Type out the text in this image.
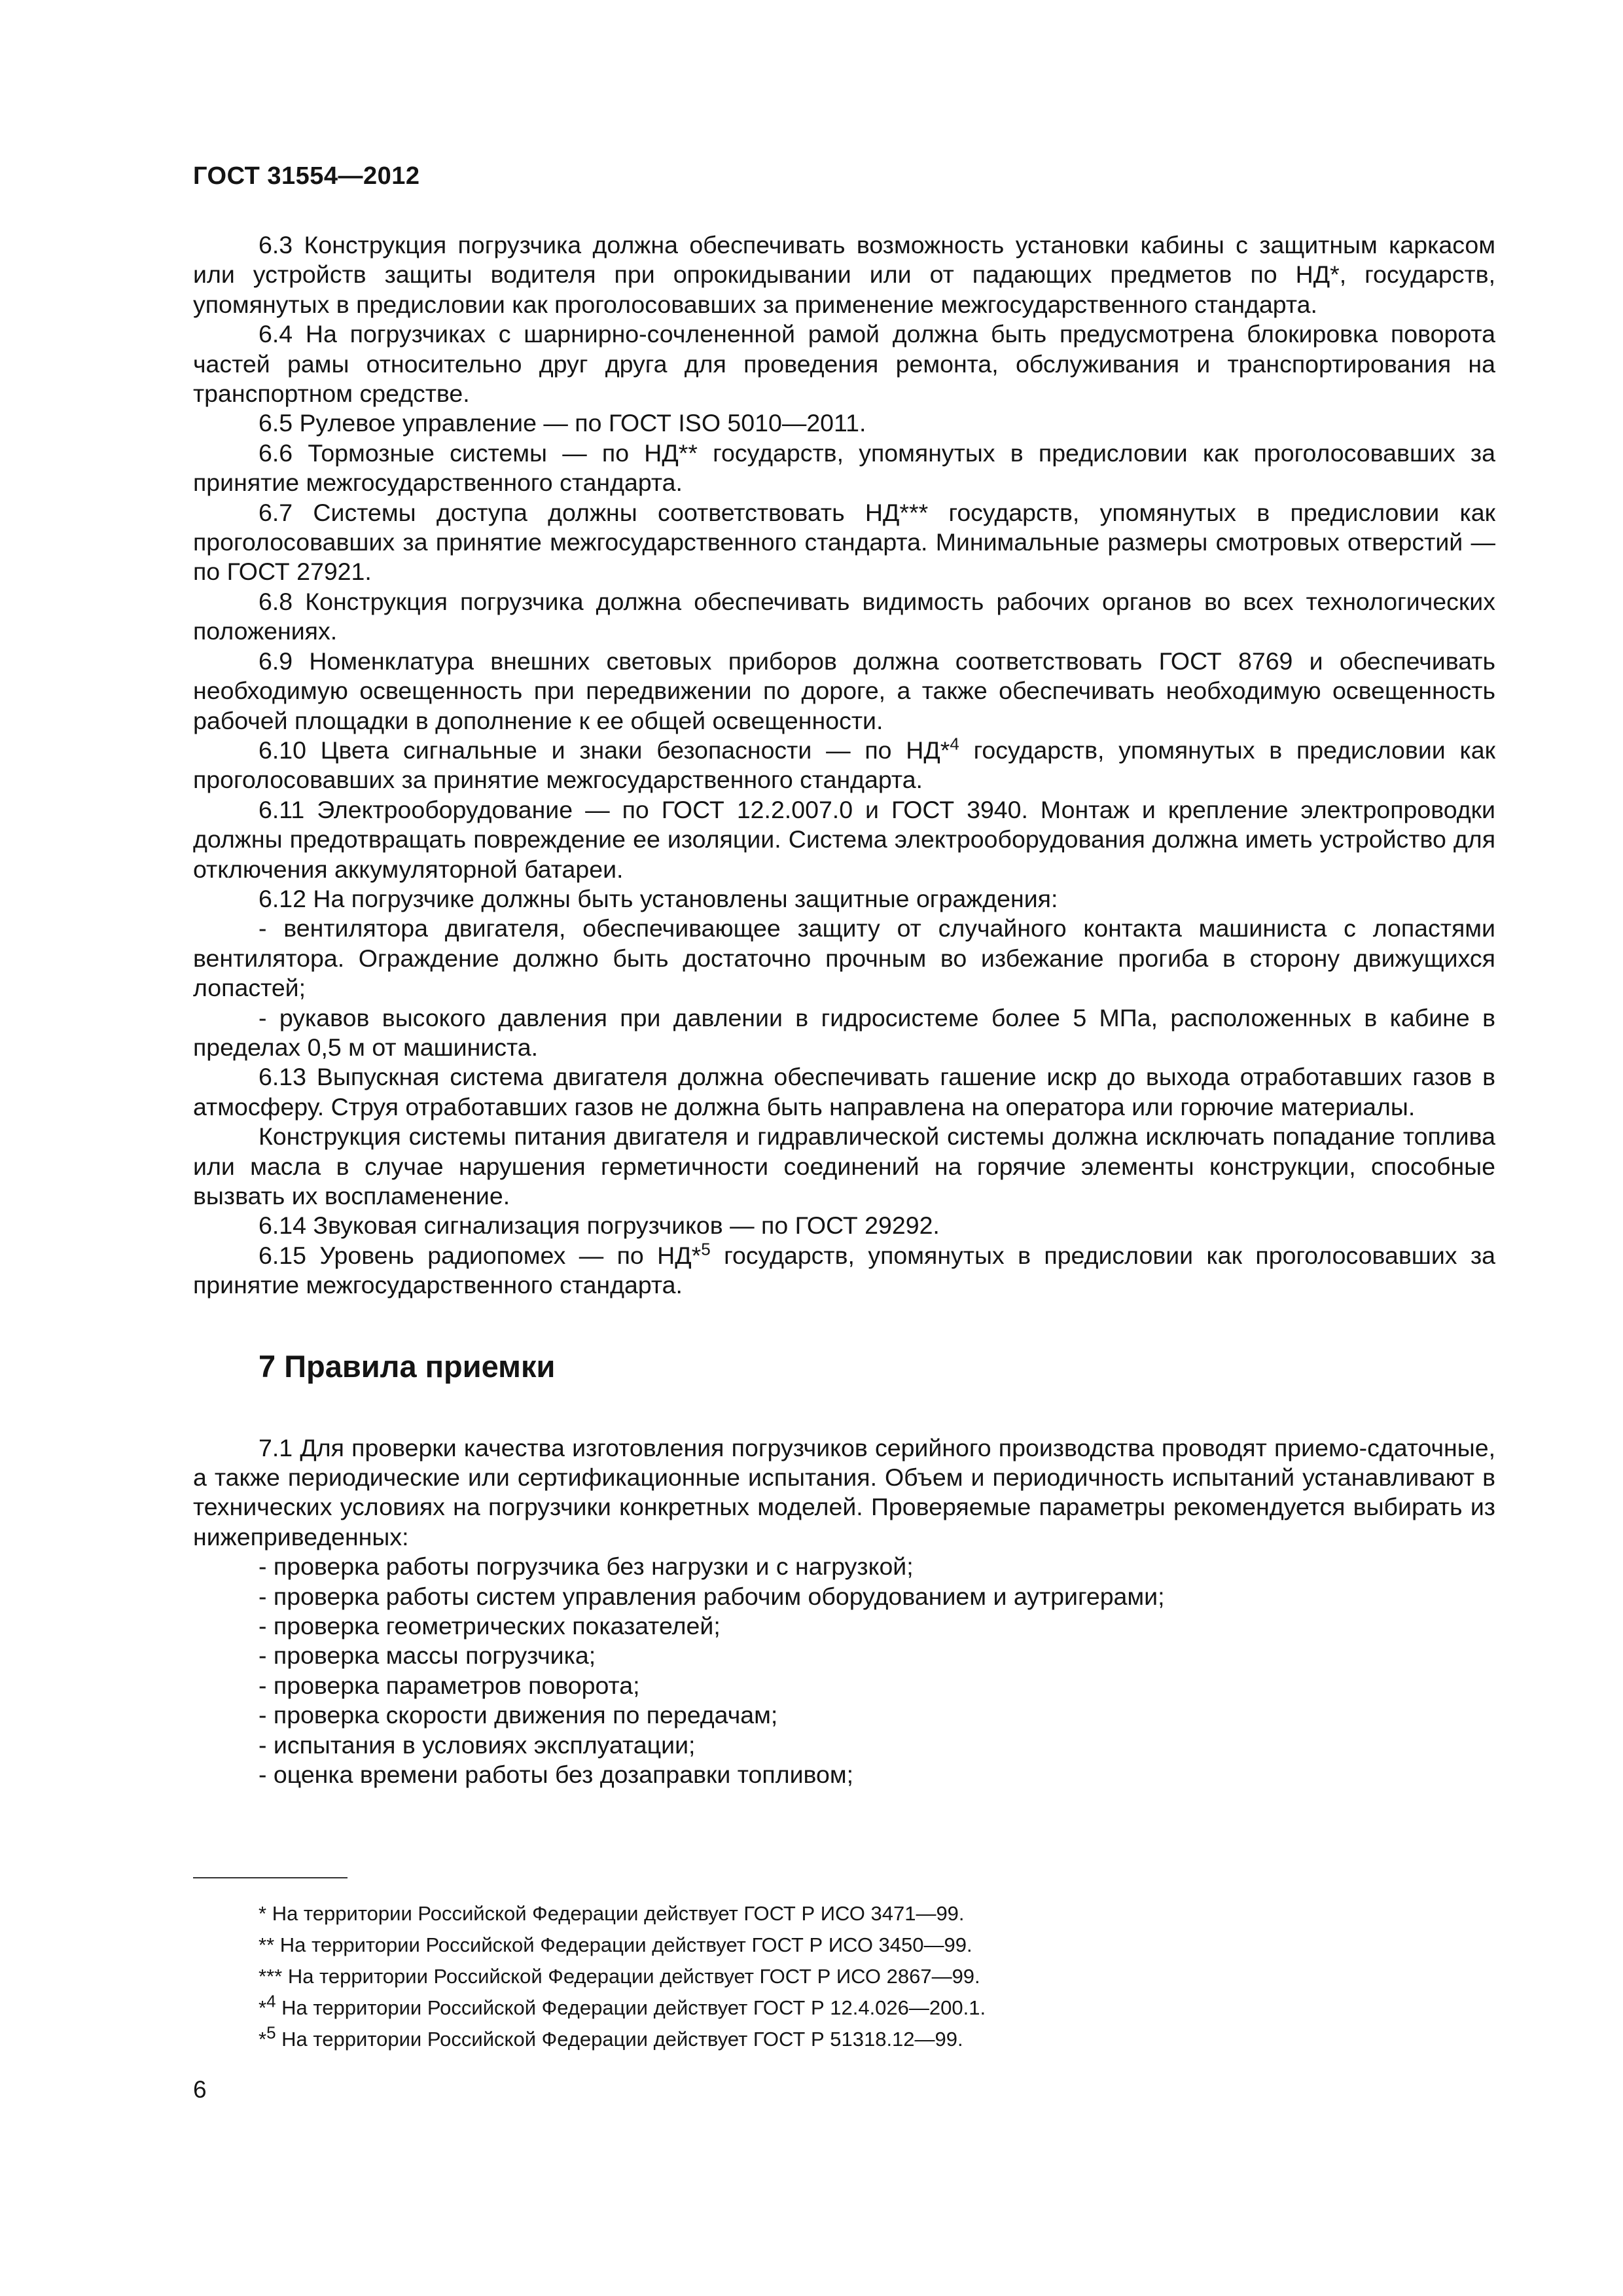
ГОСТ 31554—2012

6.3 Конструкция погрузчика должна обеспечивать возможность установки кабины с защитным каркасом или устройств защиты водителя при опрокидывании или от падающих предметов по НД*, государств, упомянутых в предисловии как проголосовавших за применение межгосударственного стандарта.

6.4 На погрузчиках с шарнирно-сочлененной рамой должна быть предусмотрена блокировка поворота частей рамы относительно друг друга для проведения ремонта, обслуживания и транспортирования на транспортном средстве.

6.5 Рулевое управление — по ГОСТ ISO 5010—2011.

6.6 Тормозные системы — по НД** государств, упомянутых в предисловии как проголосовавших за принятие межгосударственного стандарта.

6.7 Системы доступа должны соответствовать НД*** государств, упомянутых в предисловии как проголосовавших за принятие межгосударственного стандарта. Минимальные размеры смотровых отверстий — по ГОСТ 27921.

6.8 Конструкция погрузчика должна обеспечивать видимость рабочих органов во всех технологических положениях.

6.9 Номенклатура внешних световых приборов должна соответствовать ГОСТ 8769 и обеспечивать необходимую освещенность при передвижении по дороге, а также обеспечивать необходимую освещенность рабочей площадки в дополнение к ее общей освещенности.

6.10 Цвета сигнальные и знаки безопасности — по НД*$^4$ государств, упомянутых в предисловии как проголосовавших за принятие межгосударственного стандарта.

6.11 Электрооборудование — по ГОСТ 12.2.007.0 и ГОСТ 3940. Монтаж и крепление электропроводки должны предотвращать повреждение ее изоляции. Система электрооборудования должна иметь устройство для отключения аккумуляторной батареи.

6.12 На погрузчике должны быть установлены защитные ограждения:

- вентилятора двигателя, обеспечивающее защиту от случайного контакта машиниста с лопастями вентилятора. Ограждение должно быть достаточно прочным во избежание прогиба в сторону движущихся лопастей;

- рукавов высокого давления при давлении в гидросистеме более 5 МПа, расположенных в кабине в пределах 0,5 м от машиниста.

6.13 Выпускная система двигателя должна обеспечивать гашение искр до выхода отработавших газов в атмосферу. Струя отработавших газов не должна быть направлена на оператора или горючие материалы.

Конструкция системы питания двигателя и гидравлической системы должна исключать попадание топлива или масла в случае нарушения герметичности соединений на горячие элементы конструкции, способные вызвать их воспламенение.

6.14 Звуковая сигнализация погрузчиков — по ГОСТ 29292.

6.15 Уровень радиопомех — по НД*$^5$ государств, упомянутых в предисловии как проголосовавших за принятие межгосударственного стандарта.

7 Правила приемки

7.1 Для проверки качества изготовления погрузчиков серийного производства проводят приемо-сдаточные, а также периодические или сертификационные испытания. Объем и периодичность испытаний устанавливают в технических условиях на погрузчики конкретных моделей. Проверяемые параметры рекомендуется выбирать из нижеприведенных:

- проверка работы погрузчика без нагрузки и с нагрузкой;

- проверка работы систем управления рабочим оборудованием и аутригерами;

- проверка геометрических показателей;

- проверка массы погрузчика;

- проверка параметров поворота;

- проверка скорости движения по передачам;

- испытания в условиях эксплуатации;

- оценка времени работы без дозаправки топливом;

* На территории Российской Федерации действует ГОСТ Р ИСО 3471—99.

** На территории Российской Федерации действует ГОСТ Р ИСО 3450—99.

*** На территории Российской Федерации действует ГОСТ Р ИСО 2867—99.

*$^4$ На территории Российской Федерации действует ГОСТ Р 12.4.026—200.1.

*$^5$ На территории Российской Федерации действует ГОСТ Р 51318.12—99.

6
